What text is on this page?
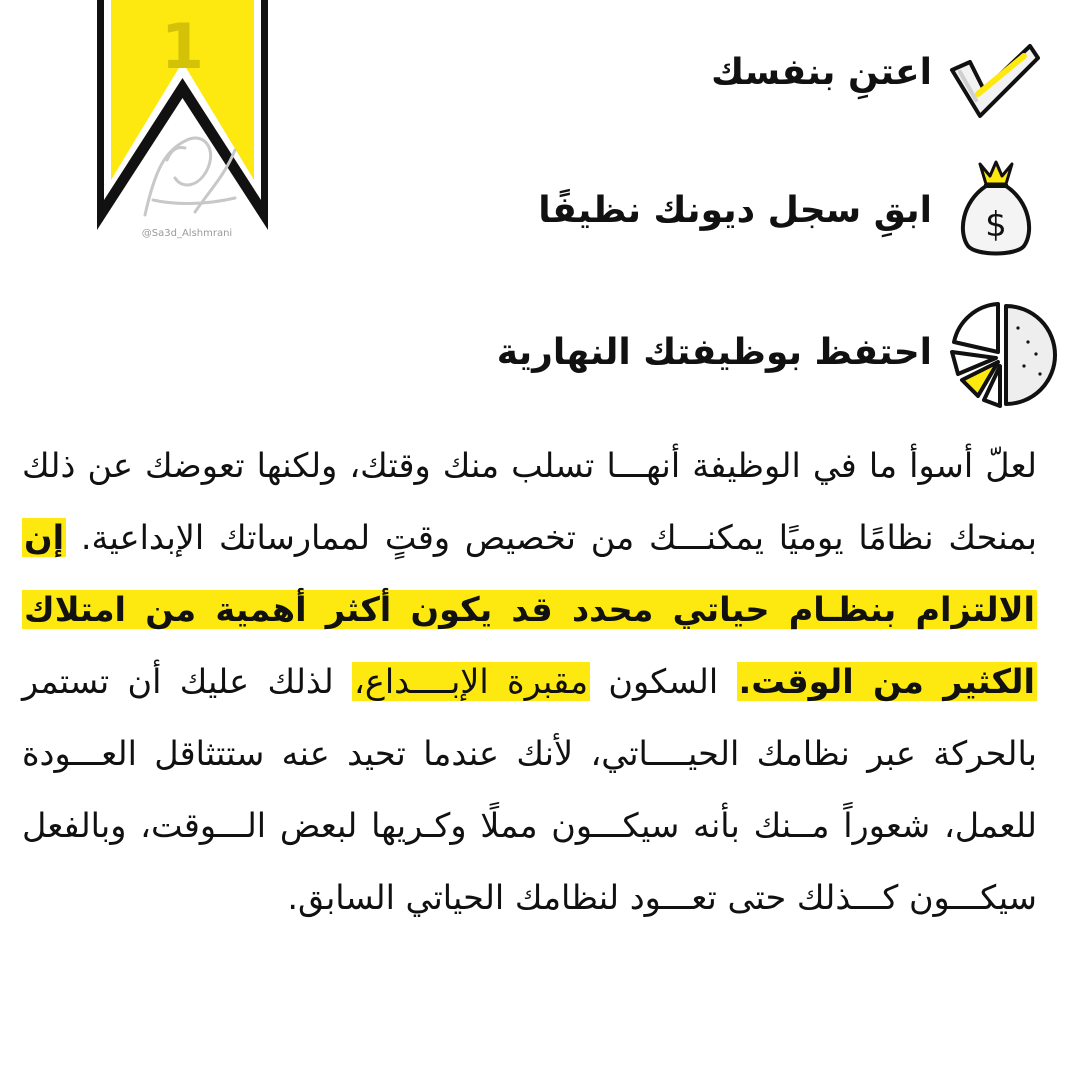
1
@Sa3d_Alshmrani
اعتنِ بنفسك
ابقِ سجل ديونك نظيفًا $
احتفظ بوظيفتك النهارية

لعلّ أسوأ ما في الوظيفة أنهـــا تسلب منك وقتك، ولكنها تعوضك عن ذلك بمنحك نظامًا يوميًا يمكنـــك من تخصيص وقتٍ لممارساتك الإبداعية. إن الالتزام بنظـام حياتي محدد قد يكون أكثر أهمية من امتلاك الكثير من الوقت. السكون مقبرة الإبــــداع، لذلك عليك أن تستمر بالحركة عبر نظامك الحيــــاتي، لأنك عندما تحيد عنه ستتثاقل العـــودة للعمل، شعوراً مــنك بأنه سيكـــون مملًا وكـريها لبعض الـــوقت، وبالفعل سيكـــون كـــذلك حتى تعـــود لنظامك الحياتي السابق.
